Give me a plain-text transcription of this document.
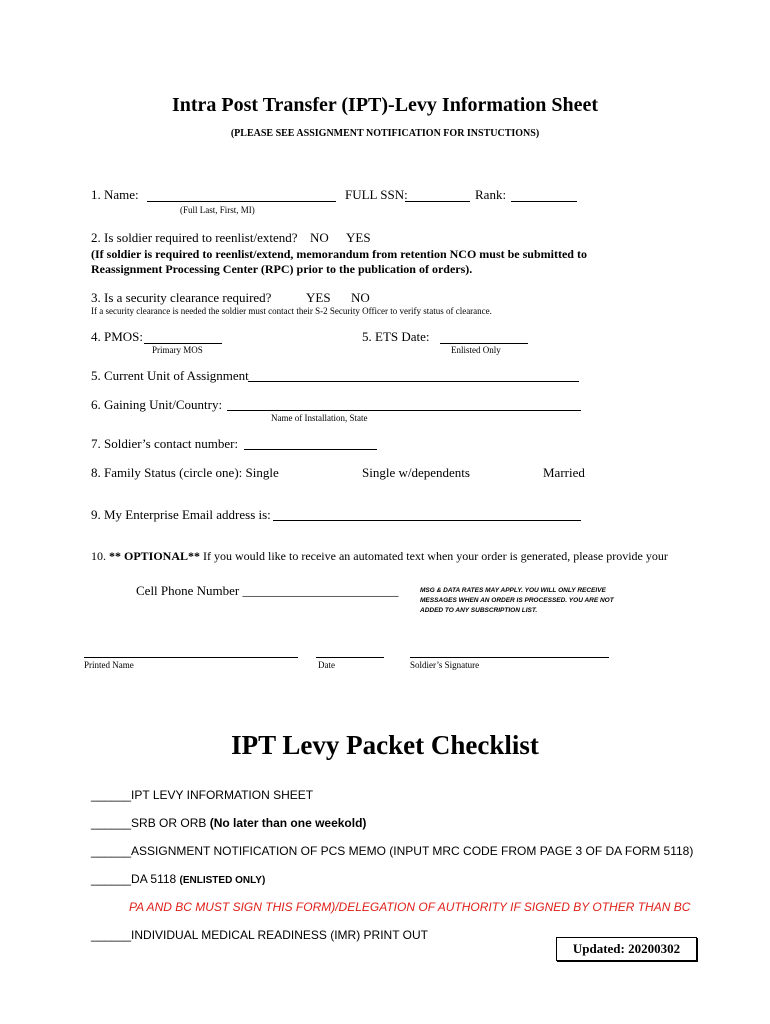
Intra Post Transfer (IPT)-Levy Information Sheet
(PLEASE SEE ASSIGNMENT NOTIFICATION FOR INSTUCTIONS)
1. Name:	FULL SSN:	Rank:
(Full Last, First, MI)
2. Is soldier required to reenlist/extend? NO YES
(If soldier is required to reenlist/extend, memorandum from retention NCO must be submitted to
Reassignment Processing Center (RPC) prior to the publication of orders).
3. Is a security clearance required?	YES NO
If a security clearance is needed the soldier must contact their S-2 Security Officer to verify status of clearance.
4. PMOS:
Primary MOS
5. ETS Date:
Enlisted Only
5. Current Unit of Assignment
6. Gaining Unit/Country:
Name of Installation, State
7. Soldier’s contact number:
8. Family Status (circle one): Single	Single w/dependents	Married
9. My Enterprise Email address is:
10. ** OPTIONAL** If you would like to receive an automated text when your order is generated, please provide your
Cell Phone Number ________________________	MSG & DATA RATES MAY APPLY. YOU WILL ONLY RECEIVE
MESSAGES WHEN AN ORDER IS PROCESSED. YOU ARE NOT
ADDED TO ANY SUBSCRIPTION LIST.
Printed Name	Date	Soldier’s Signature
IPT Levy Packet Checklist
______IPT LEVY INFORMATION SHEET
______SRB OR ORB (No later than one weekold)
______ASSIGNMENT NOTIFICATION OF PCS MEMO (INPUT MRC CODE FROM PAGE 3 OF DA FORM 5118)
______DA 5118 (ENLISTED ONLY)
PA AND BC MUST SIGN THIS FORM)/DELEGATION OF AUTHORITY IF SIGNED BY OTHER THAN BC
______INDIVIDUAL MEDICAL READINESS (IMR) PRINT OUT
Updated: 20200302
